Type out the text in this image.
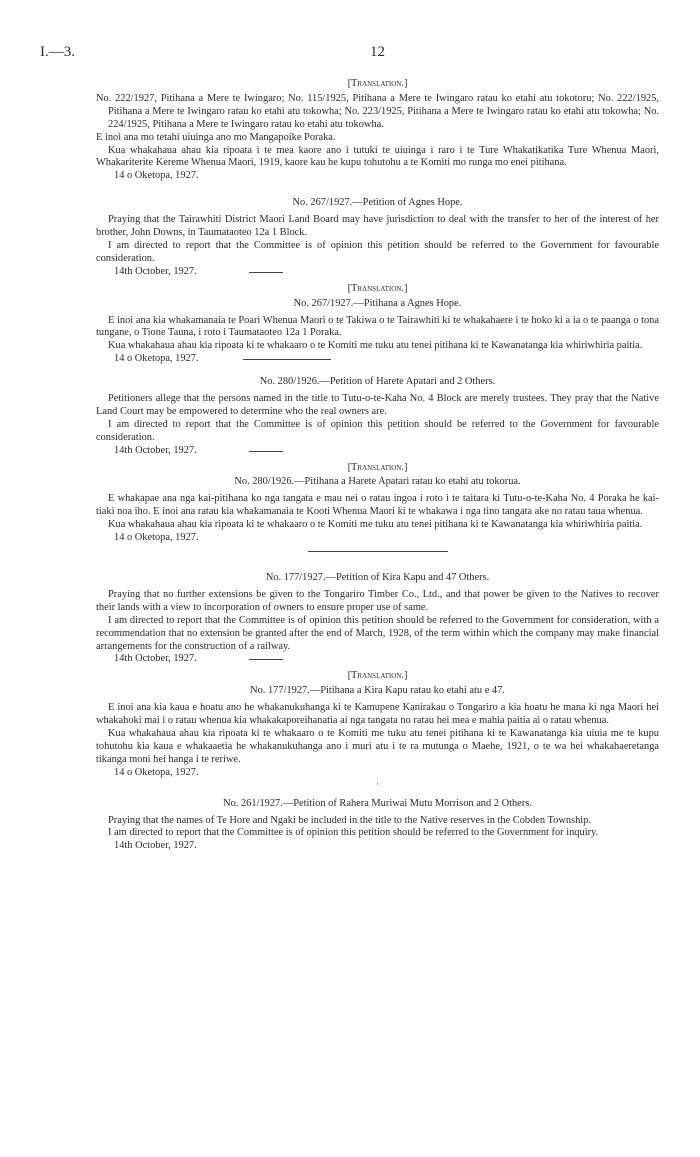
I.—3.	12
[Translation.]
No. 222/1927, Pitihana a Mere te Iwingaro; No. 115/1925, Pitihana a Mere te Iwingaro ratau ko etahi atu tokotoru; No. 222/1925, Pitihana a Mere te Iwingaro ratau ko etahi atu tokowha; No. 223/1925, Pitihana a Mere te Iwingaro ratau ko etahi atu tokowha; No. 224/1925, Pitihana a Mere te Iwingaro ratau ko etahi atu tokowha.
E inoi ana mo tetahi uiuinga ano mo Mangapoike Poraka.
Kua whakahaua ahau kia ripoata i te mea kaore ano i tutuki te uiuinga i raro i te Ture Whakatikatika Ture Whenua Maori, Whakariterite Kereme Whenua Maori, 1919, kaore kau he kupu tohutohu a te Komiti mo runga mo enei pitihana.
14 o Oketopa, 1927.
No. 267/1927.—Petition of Agnes Hope.
Praying that the Tairawhiti District Maori Land Board may have jurisdiction to deal with the transfer to her of the interest of her brother, John Downs, in Taumataoteo 12a 1 Block.
I am directed to report that the Committee is of opinion this petition should be referred to the Government for favourable consideration.
14th October, 1927.
[Translation.]
No. 267/1927.—Pitihana a Agnes Hope.
E inoi ana kia whakamanaia te Poari Whenua Maori o te Takiwa o te Tairawhiti ki te whakahaere i te hoko ki a ia o te paanga o tona tungane, o Tione Tauna, i roto i Taumataoteo 12a 1 Poraka.
Kua whakahaua ahau kia ripoata ki te whakaaro o te Komiti me tuku atu tenei pitihana ki te Kawanatanga kia whiriwhiria paitia.
14 o Oketopa, 1927.
No. 280/1926.—Petition of Harete Apatari and 2 Others.
Petitioners allege that the persons named in the title to Tutu-o-te-Kaha No. 4 Block are merely trustees. They pray that the Native Land Court may be empowered to determine who the real owners are.
I am directed to report that the Committee is of opinion this petition should be referred to the Government for favourable consideration.
14th October, 1927.
[Translation.]
No. 280/1926.—Pitihana a Harete Apatari ratau ko etahi atu tokorua.
E whakapae ana nga kai-pitihana ko nga tangata e mau nei o ratau ingoa i roto i te taitara ki Tutu-o-te-Kaha No. 4 Poraka he kai-tiaki noa iho. E inoi ana ratau kia whakamanaia te Kooti Whenua Maori ki te whakawa i nga tino tangata ake no ratau taua whenua.
Kua whakahaua ahau kia ripoata ki te whakaaro o te Komiti me tuku atu tenei pitihana ki te Kawanatanga kia whiriwhiria paitia.
14 o Oketopa, 1927.
No. 177/1927.—Petition of Kira Kapu and 47 Others.
Praying that no further extensions be given to the Tongariro Timber Co., Ltd., and that power be given to the Natives to recover their lands with a view to incorporation of owners to ensure proper use of same.
I am directed to report that the Committee is of opinion this petition should be referred to the Government for consideration, with a recommendation that no extension be granted after the end of March, 1928, of the term within which the company may make financial arrangements for the construction of a railway.
14th October, 1927.
[Translation.]
No. 177/1927.—Pitihana a Kira Kapu ratau ko etahi atu e 47.
E inoi ana kia kaua e hoatu ano he whakanukuhanga ki te Kamupene Kanirakau o Tongariro a kia hoatu he mana ki nga Maori hei whakahoki mai i o ratau whenua kia whakakaporeihanatia ai nga tangata no ratau hei mea e mahia paitia ai o ratau whenua.
Kua whakahaua ahau kia ripoata ki te whakaaro o te Komiti me tuku atu tenei pitihana ki te Kawanatanga kia uiuia me te kupu tohutohu kia kaua e whakaaetia he whakanukuhanga ano i muri atu i te ra mutunga o Maehe, 1921, o te wa hei whakahaeretanga tikanga moni hei hanga i te reriwe.
14 o Oketopa, 1927.
·
No. 261/1927.—Petition of Rahera Muriwai Mutu Morrison and 2 Others.
Praying that the names of Te Hore and Ngaki be included in the title to the Native reserves in the Cobden Township.
I am directed to report that the Committee is of opinion this petition should be referred to the Government for inquiry.
14th October, 1927.
